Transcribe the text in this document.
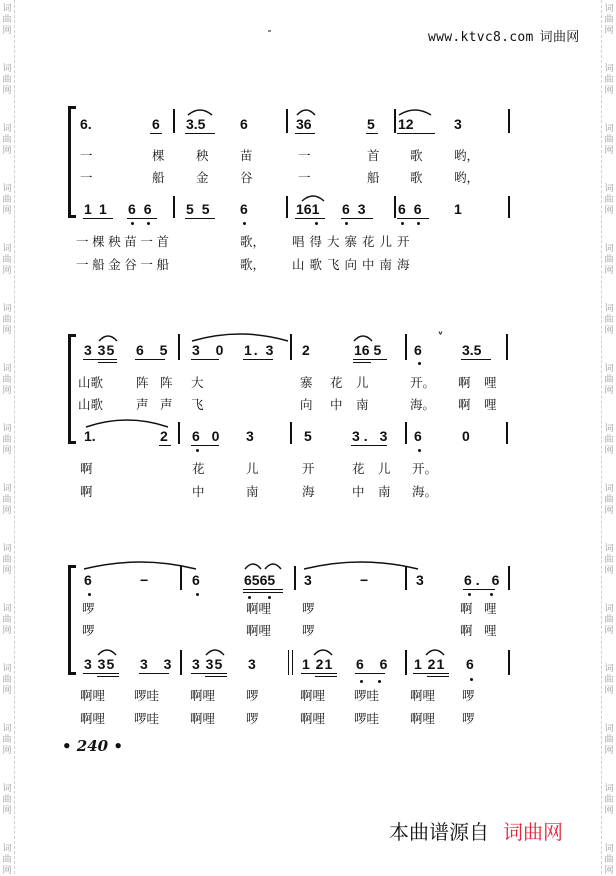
词
曲
网
词
曲
网
词
曲
网
词
曲
网
词
曲
网
词
曲
网
词
曲
网
词
曲
网
词
曲
网
词
曲
网
词
曲
网
词
曲
网
词
曲
网
词
曲
网
词
曲
网
词
曲
网
词
曲
网
词
曲
网
词
曲
网
词
曲
网
词
曲
网
词
曲
网
词
曲
网
词
曲
网
词
曲
网
词
曲
网
词
曲
网
词
曲
网
词
曲
网
词
曲
网
www.ktvc8.com 词曲网
6.	6 3.5 6	36	5 12	3
一	棵	秧	苗	一	首 歌	哟，
一	船	金	谷	一	船 歌	哟，
11 66 55 6	161 63 66 1
一棵秧苗一首	歌， 唱得大寨花儿开
一船金谷一船	歌， 山歌飞向中南海
3 35 6 5 3 0 1. 3 2	16 5 6	3.5
ᵛ
山歌	阵 阵 大	寨 花 儿	开。 啊 哩
山歌	声 声 飞	向 中 南	海。 啊 哩
1.	2 6 0 3	5	3. 3 6	0
啊	花	儿	开	花 儿 开。
啊	中	南	海	中 南 海。
6	−	6	6565 3	−	3	6. 6
啰	啊哩 啰	啊 哩
啰	啊哩 啰	啊 哩
3 35 3 3 3 35 3	1 21 6 6 1 21 6
啊哩 啰哇 啊哩 啰	啊哩 啰哇 啊哩 啰
啊哩 啰哇 啊哩 啰	啊哩 啰哇 啊哩 啰
• 240 •
本曲谱源自 词曲网
